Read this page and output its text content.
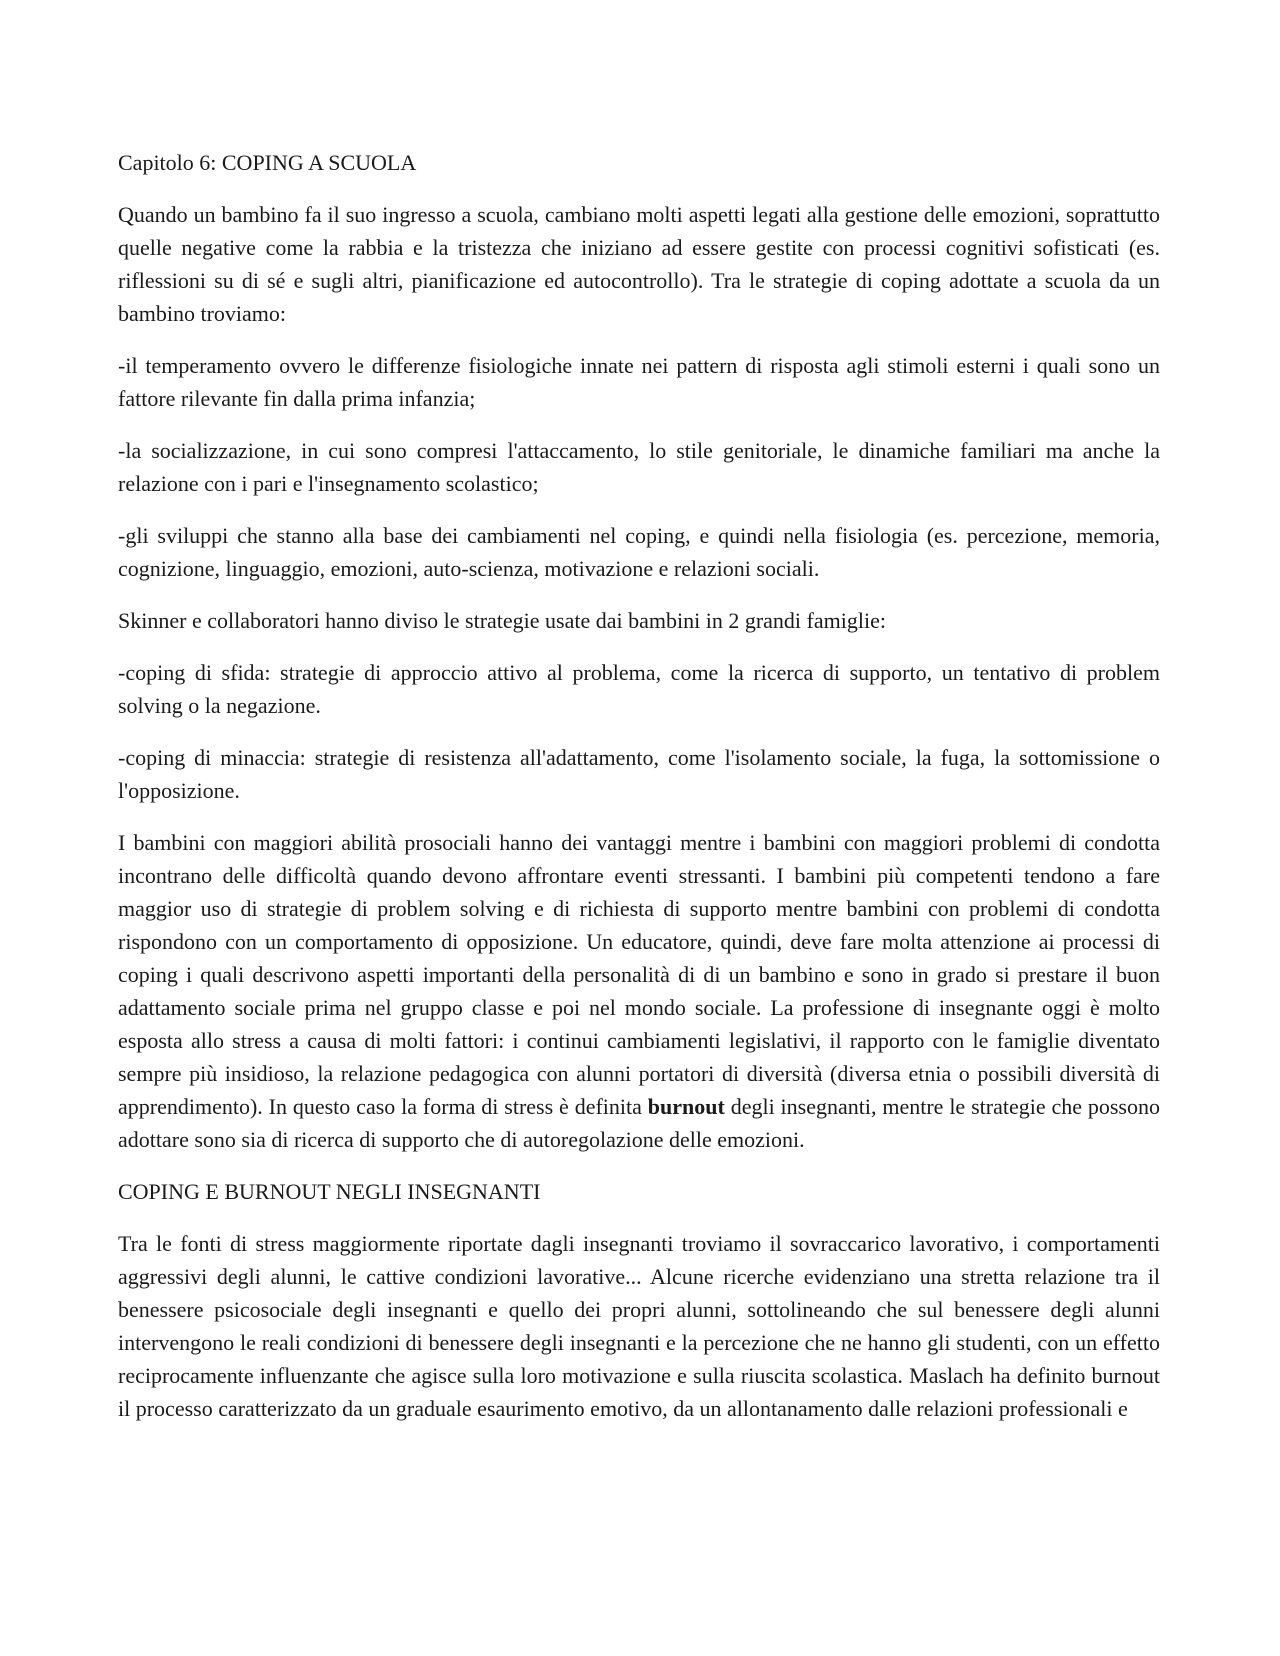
Capitolo 6: COPING A SCUOLA

Quando un bambino fa il suo ingresso a scuola, cambiano molti aspetti legati alla gestione delle emozioni, soprattutto quelle negative come la rabbia e la tristezza che iniziano ad essere gestite con processi cognitivi sofisticati (es. riflessioni su di sé e sugli altri, pianificazione ed autocontrollo). Tra le strategie di coping adottate a scuola da un bambino troviamo:

-il temperamento ovvero le differenze fisiologiche innate nei pattern di risposta agli stimoli esterni i quali sono un fattore rilevante fin dalla prima infanzia;

-la socializzazione, in cui sono compresi l'attaccamento, lo stile genitoriale, le dinamiche familiari ma anche la relazione con i pari e l'insegnamento scolastico;

-gli sviluppi che stanno alla base dei cambiamenti nel coping, e quindi nella fisiologia (es. percezione, memoria, cognizione, linguaggio, emozioni, auto-scienza, motivazione e relazioni sociali.

Skinner e collaboratori hanno diviso le strategie usate dai bambini in 2 grandi famiglie:

-coping di sfida: strategie di approccio attivo al problema, come la ricerca di supporto, un tentativo di problem solving o la negazione.

-coping di minaccia: strategie di resistenza all'adattamento, come l'isolamento sociale, la fuga, la sottomissione o l'opposizione.

I bambini con maggiori abilità prosociali hanno dei vantaggi mentre i bambini con maggiori problemi di condotta incontrano delle difficoltà quando devono affrontare eventi stressanti. I bambini più competenti tendono a fare maggior uso di strategie di problem solving e di richiesta di supporto mentre bambini con problemi di condotta rispondono con un comportamento di opposizione. Un educatore, quindi, deve fare molta attenzione ai processi di coping i quali descrivono aspetti importanti della personalità di di un bambino e sono in grado si prestare il buon adattamento sociale prima nel gruppo classe e poi nel mondo sociale. La professione di insegnante oggi è molto esposta allo stress a causa di molti fattori: i continui cambiamenti legislativi, il rapporto con le famiglie diventato sempre più insidioso, la relazione pedagogica con alunni portatori di diversità (diversa etnia o possibili diversità di apprendimento). In questo caso la forma di stress è definita burnout degli insegnanti, mentre le strategie che possono adottare sono sia di ricerca di supporto che di autoregolazione delle emozioni.

COPING E BURNOUT NEGLI INSEGNANTI

Tra le fonti di stress maggiormente riportate dagli insegnanti troviamo il sovraccarico lavorativo, i comportamenti aggressivi degli alunni, le cattive condizioni lavorative... Alcune ricerche evidenziano una stretta relazione tra il benessere psicosociale degli insegnanti e quello dei propri alunni, sottolineando che sul benessere degli alunni intervengono le reali condizioni di benessere degli insegnanti e la percezione che ne hanno gli studenti, con un effetto reciprocamente influenzante che agisce sulla loro motivazione e sulla riuscita scolastica. Maslach ha definito burnout il processo caratterizzato da un graduale esaurimento emotivo, da un allontanamento dalle relazioni professionali e
